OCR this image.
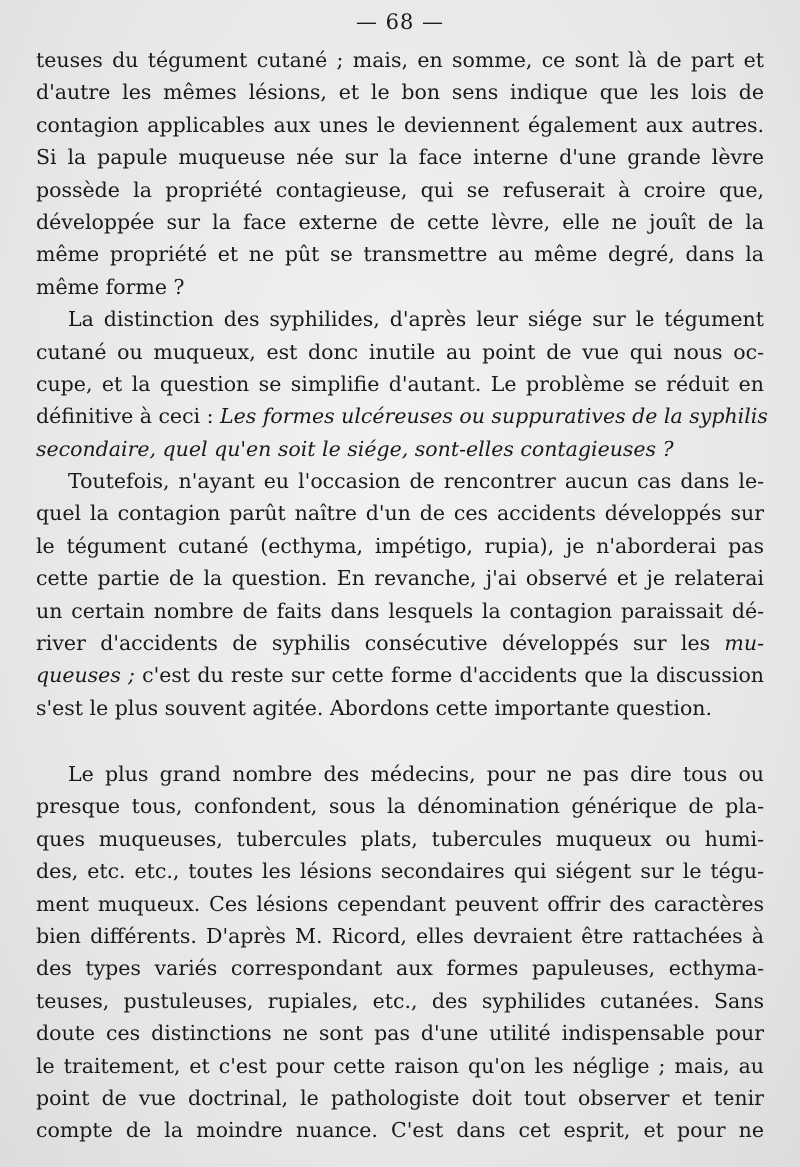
— 68 —
teuses du tégument cutané ; mais, en somme, ce sont là de part et
d'autre les mêmes lésions, et le bon sens indique que les lois de
contagion applicables aux unes le deviennent également aux autres.
Si la papule muqueuse née sur la face interne d'une grande lèvre
possède la propriété contagieuse, qui se refuserait à croire que,
développée sur la face externe de cette lèvre, elle ne jouît de la
même propriété et ne pût se transmettre au même degré, dans la
même forme ?
La distinction des syphilides, d'après leur siége sur le tégument
cutané ou muqueux, est donc inutile au point de vue qui nous oc-
cupe, et la question se simplifie d'autant. Le problème se réduit en
définitive à ceci : Les formes ulcéreuses ou suppuratives de la syphilis
secondaire, quel qu'en soit le siége, sont-elles contagieuses ?
Toutefois, n'ayant eu l'occasion de rencontrer aucun cas dans le-
quel la contagion parût naître d'un de ces accidents développés sur
le tégument cutané (ecthyma, impétigo, rupia), je n'aborderai pas
cette partie de la question. En revanche, j'ai observé et je relaterai
un certain nombre de faits dans lesquels la contagion paraissait dé-
river d'accidents de syphilis consécutive développés sur les mu-
queuses ; c'est du reste sur cette forme d'accidents que la discussion
s'est le plus souvent agitée. Abordons cette importante question.
Le plus grand nombre des médecins, pour ne pas dire tous ou
presque tous, confondent, sous la dénomination générique de pla-
ques muqueuses, tubercules plats, tubercules muqueux ou humi-
des, etc. etc., toutes les lésions secondaires qui siégent sur le tégu-
ment muqueux. Ces lésions cependant peuvent offrir des caractères
bien différents. D'après M. Ricord, elles devraient être rattachées à
des types variés correspondant aux formes papuleuses, ecthyma-
teuses, pustuleuses, rupiales, etc., des syphilides cutanées. Sans
doute ces distinctions ne sont pas d'une utilité indispensable pour
le traitement, et c'est pour cette raison qu'on les néglige ; mais, au
point de vue doctrinal, le pathologiste doit tout observer et tenir
compte de la moindre nuance. C'est dans cet esprit, et pour ne
